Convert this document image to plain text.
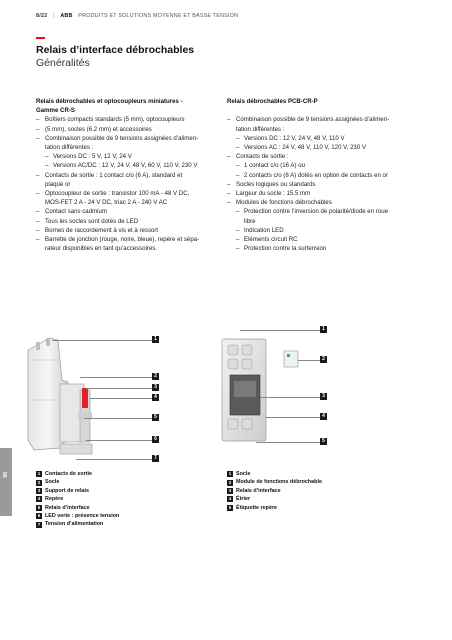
8/22 | ABB PRODUITS ET SOLUTIONS MOYENNE ET BASSE TENSION
Relais d’interface débrochables
Généralités
Relais débrochables et optocoupleurs miniatures -
Gamme CR-S
– Boîtiers compacts standards (5 mm), optocoupleurs
– (5 mm), socles (6.2 mm) et accessoires
– Combinaison possible de 9 tensions assignées d’alimen-
tation différentes :
– Versions DC : 5 V, 12 V, 24 V
– Versions AC/DC : 12 V, 24 V, 48 V, 60 V, 110 V, 230 V
– Contacts de sortie : 1 contact c/o (6 A), standard et
plaqué or
– Optocoupleur de sortie : transistor 100 mA - 48 V DC,
MOS-FET 2 A - 24 V DC, triac 2 A - 240 V AC
– Contact sans cadmium
– Tous les socles sont dotés de LED
– Bornes de raccordement à vis et à ressort
– Barrette de jonction (rouge, noire, bleue), repère et sépa-
rateur disponibles en tant qu’accessoires.
Relais débrochables PCB-CR-P
– Combinaison possible de 9 tensions assignées d’alimen-
tation différentes :
– Versions DC : 12 V, 24 V, 48 V, 110 V
– Versions AC : 24 V, 48 V, 110 V, 120 V, 230 V
– Contacts de sortie :
– 1 contact c/o (16 A) ou
– 2 contacts c/o (8 A) dotés en option de contacts en or
– Socles logiques ou standards
– Largeur du socle : 15.5 mm
– Modules de fonctions débrochables
– Protection contre l’inversion de polarité/diode en roue
libre
– Indication LED
– Eléments circuit RC
– Protection contre la surtension
1
2
3
4
5
6
7
1
2
3
4
5
88	1 Contacts de sortie
2 Socle
3 Support de relais
4 Repère
5 Relais d’interface
6 LED verte : présence tension
7 Tension d’alimentation
1 Socle
2 Module de fonctions débrochable
3 Relais d’interface
4 Étrier
5 Étiquette repère
